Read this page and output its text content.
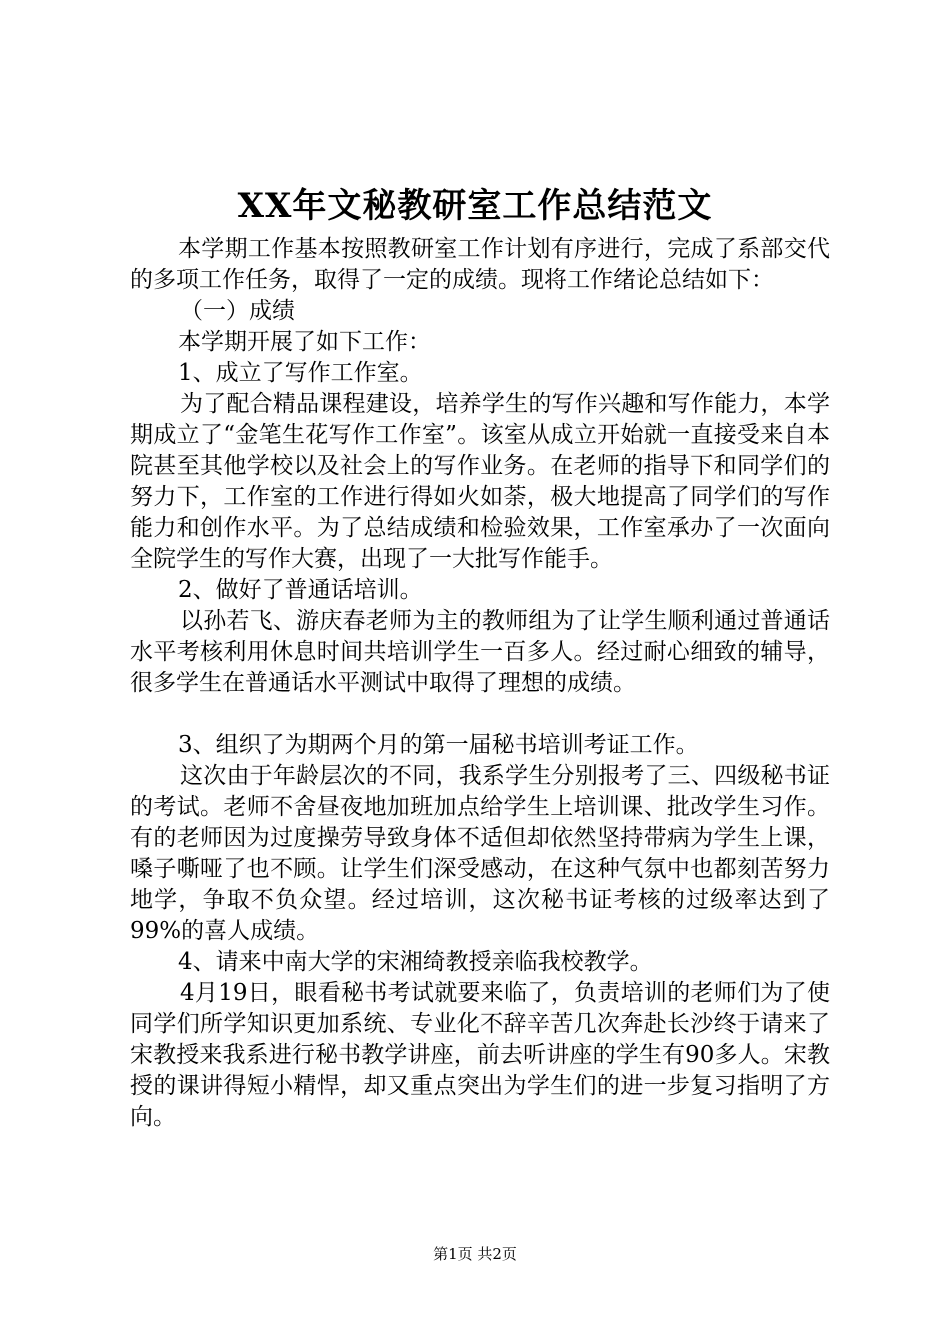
XX年文秘教研室工作总结范文

本学期工作基本按照教研室工作计划有序进行，完成了系部交代的多项工作任务，取得了一定的成绩。现将工作绪论总结如下：

（一）成绩

本学期开展了如下工作：

1、成立了写作工作室。

为了配合精品课程建设，培养学生的写作兴趣和写作能力，本学期成立了“金笔生花写作工作室”。该室从成立开始就一直接受来自本院甚至其他学校以及社会上的写作业务。在老师的指导下和同学们的努力下，工作室的工作进行得如火如荼，极大地提高了同学们的写作能力和创作水平。为了总结成绩和检验效果，工作室承办了一次面向全院学生的写作大赛，出现了一大批写作能手。

2、做好了普通话培训。

以孙若飞、游庆春老师为主的教师组为了让学生顺利通过普通话水平考核利用休息时间共培训学生一百多人。经过耐心细致的辅导，很多学生在普通话水平测试中取得了理想的成绩。

3、组织了为期两个月的第一届秘书培训考证工作。

这次由于年龄层次的不同，我系学生分别报考了三、四级秘书证的考试。老师不舍昼夜地加班加点给学生上培训课、批改学生习作。有的老师因为过度操劳导致身体不适但却依然坚持带病为学生上课，嗓子嘶哑了也不顾。让学生们深受感动，在这种气氛中也都刻苦努力地学，争取不负众望。经过培训，这次秘书证考核的过级率达到了99%的喜人成绩。

4、请来中南大学的宋湘绮教授亲临我校教学。

4月19日，眼看秘书考试就要来临了，负责培训的老师们为了使同学们所学知识更加系统、专业化不辞辛苦几次奔赴长沙终于请来了宋教授来我系进行秘书教学讲座，前去听讲座的学生有90多人。宋教授的课讲得短小精悍，却又重点突出为学生们的进一步复习指明了方向。

第1页 共2页
